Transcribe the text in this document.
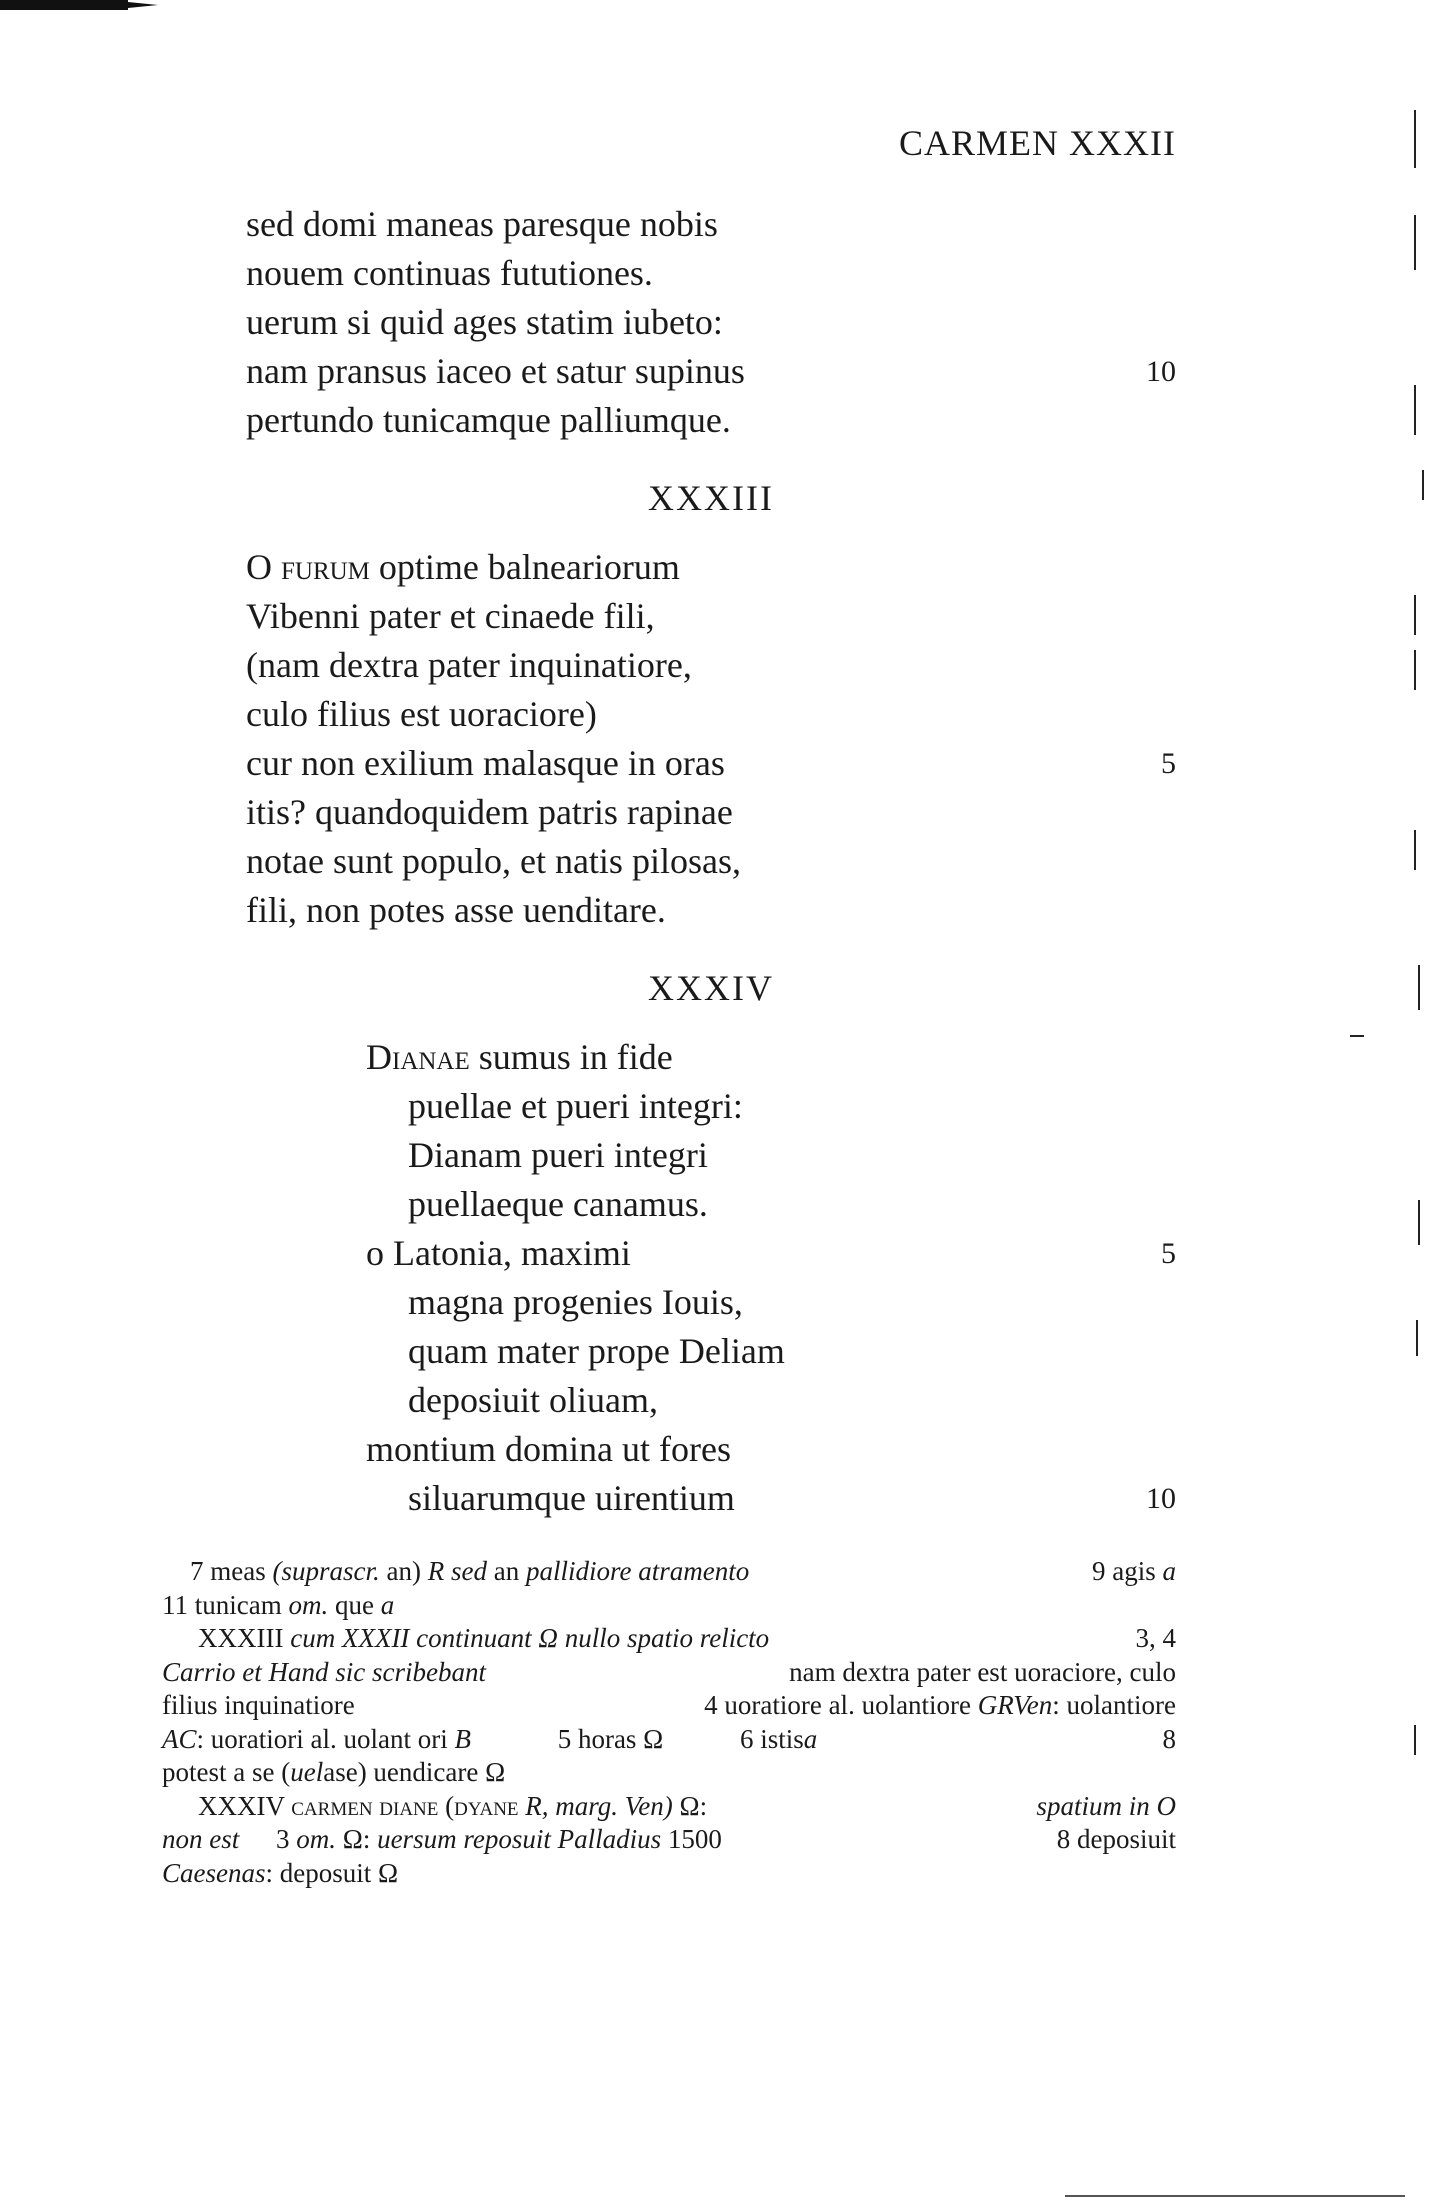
CARMEN XXXII
sed domi maneas paresque nobis
nouem continuas fututiones.
uerum si quid ages statim iubeto:
nam pransus iaceo et satur supinus	10
pertundo tunicamque palliumque.
XXXIII
O furum optime balneariorum
Vibenni pater et cinaede fili,
(nam dextra pater inquinatiore,
culo filius est uoraciore)
cur non exilium malasque in oras	5
itis? quandoquidem patris rapinae
notae sunt populo, et natis pilosas,
fili, non potes asse uenditare.
XXXIV
Dianae sumus in fide
puellae et pueri integri:
Dianam pueri integri
puellaeque canamus.
o Latonia, maximi	5
magna progenies Iouis,
quam mater prope Deliam
deposiuit oliuam,
montium domina ut fores
siluarumque uirentium	10
7 meas (suprascr. an) R sed an pallidiore atramento	9 agis a
11 tunicam om. que a
XXXIII cum XXXII continuant Ω nullo spatio relicto	3, 4
Carrio et Hand sic scribebant	nam dextra pater est uoraciore, culo
filius inquinatiore	4 uoratiore al. uolantiore GRVen: uolantiore
AC: uoratiori al. uolant ori B	5 horas Ω	6 istisa	8
potest a se (uelase) uendicare Ω
XXXIV carmen diane (dyane R, marg. Ven) Ω:	spatium in O
non est 3 om. Ω: uersum reposuit Palladius 1500	8 deposiuit
Caesenas: deposuit Ω
